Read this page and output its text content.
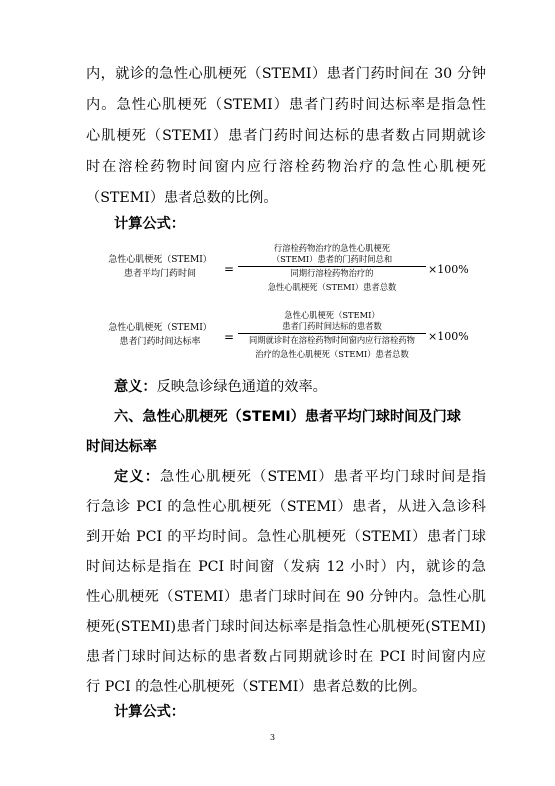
内，就诊的急性心肌梗死（STEMI）患者门药时间在 30 分钟
内。急性心肌梗死（STEMI）患者门药时间达标率是指急性
心肌梗死（STEMI）患者门药时间达标的患者数占同期就诊
时在溶栓药物时间窗内应行溶栓药物治疗的急性心肌梗死
（STEMI）患者总数的比例。
计算公式：
急性心肌梗死（STEMI）
患者平均门药时间	=
行溶栓药物治疗的急性心肌梗死
（STEMI）患者的门药时间总和
同期行溶栓药物治疗的
急性心肌梗死（STEMI）患者总数
×100%
急性心肌梗死（STEMI）
患者门药时间达标率	=
急性心肌梗死（STEMI）
患者门药时间达标的患者数
同期就诊时在溶栓药物时间窗内应行溶栓药物
治疗的急性心肌梗死（STEMI）患者总数
×100%
意义：反映急诊绿色通道的效率。
六、急性心肌梗死（STEMI）患者平均门球时间及门球
时间达标率
定义：急性心肌梗死（STEMI）患者平均门球时间是指
行急诊 PCI 的急性心肌梗死（STEMI）患者，从进入急诊科
到开始 PCI 的平均时间。急性心肌梗死（STEMI）患者门球
时间达标是指在 PCI 时间窗（发病 12 小时）内，就诊的急
性心肌梗死（STEMI）患者门球时间在 90 分钟内。急性心肌
梗死(STEMI)患者门球时间达标率是指急性心肌梗死(STEMI)
患者门球时间达标的患者数占同期就诊时在 PCI 时间窗内应
行 PCI 的急性心肌梗死（STEMI）患者总数的比例。
计算公式：
3
